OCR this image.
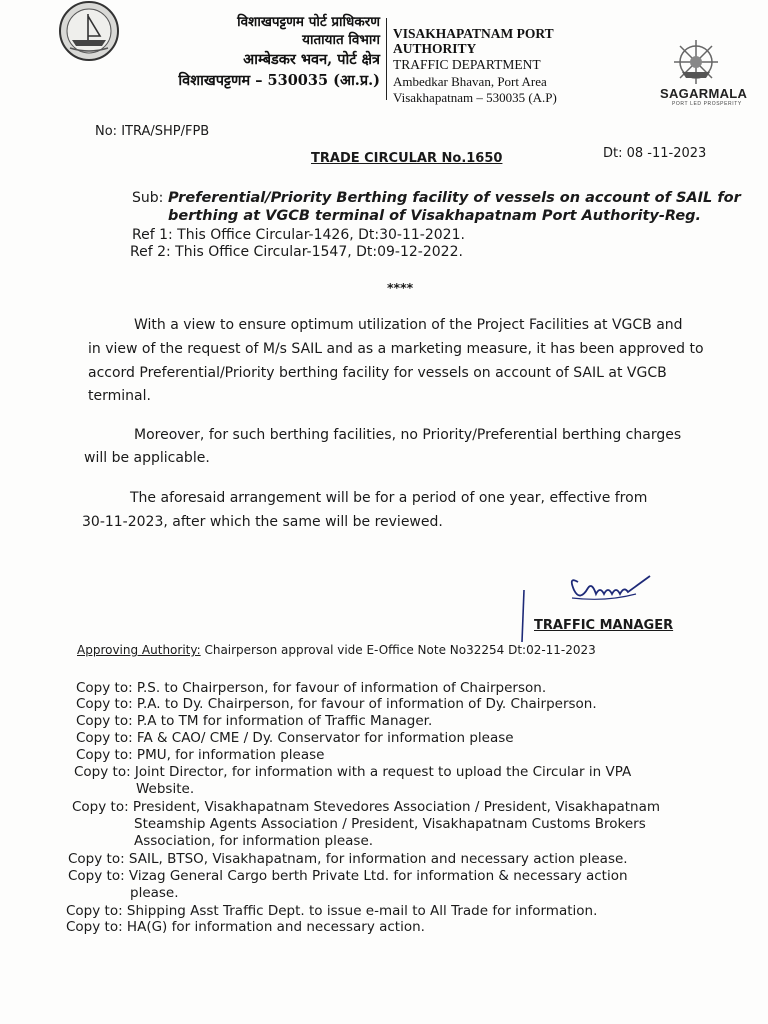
विशाखपट्टणम पोर्ट प्राधिकरण
यातायात विभाग
आम्बेडकर भवन, पोर्ट क्षेत्र
विशाखपट्टणम – 530035 (आ.प्र.)
VISAKHAPATNAM PORT
AUTHORITY
TRAFFIC DEPARTMENT
Ambedkar Bhavan, Port Area
Visakhapatnam – 530035 (A.P)	SAGARMALA
PORT LED PROSPERITY
No: ITRA/SHP/FPB
Dt: 08 -11-2023
TRADE CIRCULAR No.1650
Sub: Preferential/Priority Berthing facility of vessels on account of SAIL for
berthing at VGCB terminal of Visakhapatnam Port Authority-Reg.
Ref 1: This Office Circular-1426, Dt:30-11-2021.
Ref 2: This Office Circular-1547, Dt:09-12-2022.
****
With a view to ensure optimum utilization of the Project Facilities at VGCB and
in view of the request of M/s SAIL and as a marketing measure, it has been approved to
accord Preferential/Priority berthing facility for vessels on account of SAIL at VGCB
terminal.
Moreover, for such berthing facilities, no Priority/Preferential berthing charges
will be applicable.
The aforesaid arrangement will be for a period of one year, effective from
30-11-2023, after which the same will be reviewed.
TRAFFIC MANAGER
Approving Authority: Chairperson approval vide E-Office Note No32254 Dt:02-11-2023
Copy to: P.S. to Chairperson, for favour of information of Chairperson.
Copy to: P.A. to Dy. Chairperson, for favour of information of Dy. Chairperson.
Copy to: P.A to TM for information of Traffic Manager.
Copy to: FA & CAO/ CME / Dy. Conservator for information please
Copy to: PMU, for information please
Copy to: Joint Director, for information with a request to upload the Circular in VPA
Website.
Copy to: President, Visakhapatnam Stevedores Association / President, Visakhapatnam
Steamship Agents Association / President, Visakhapatnam Customs Brokers
Association, for information please.
Copy to: SAIL, BTSO, Visakhapatnam, for information and necessary action please.
Copy to: Vizag General Cargo berth Private Ltd. for information & necessary action
please.
Copy to: Shipping Asst Traffic Dept. to issue e-mail to All Trade for information.
Copy to: HA(G) for information and necessary action.
